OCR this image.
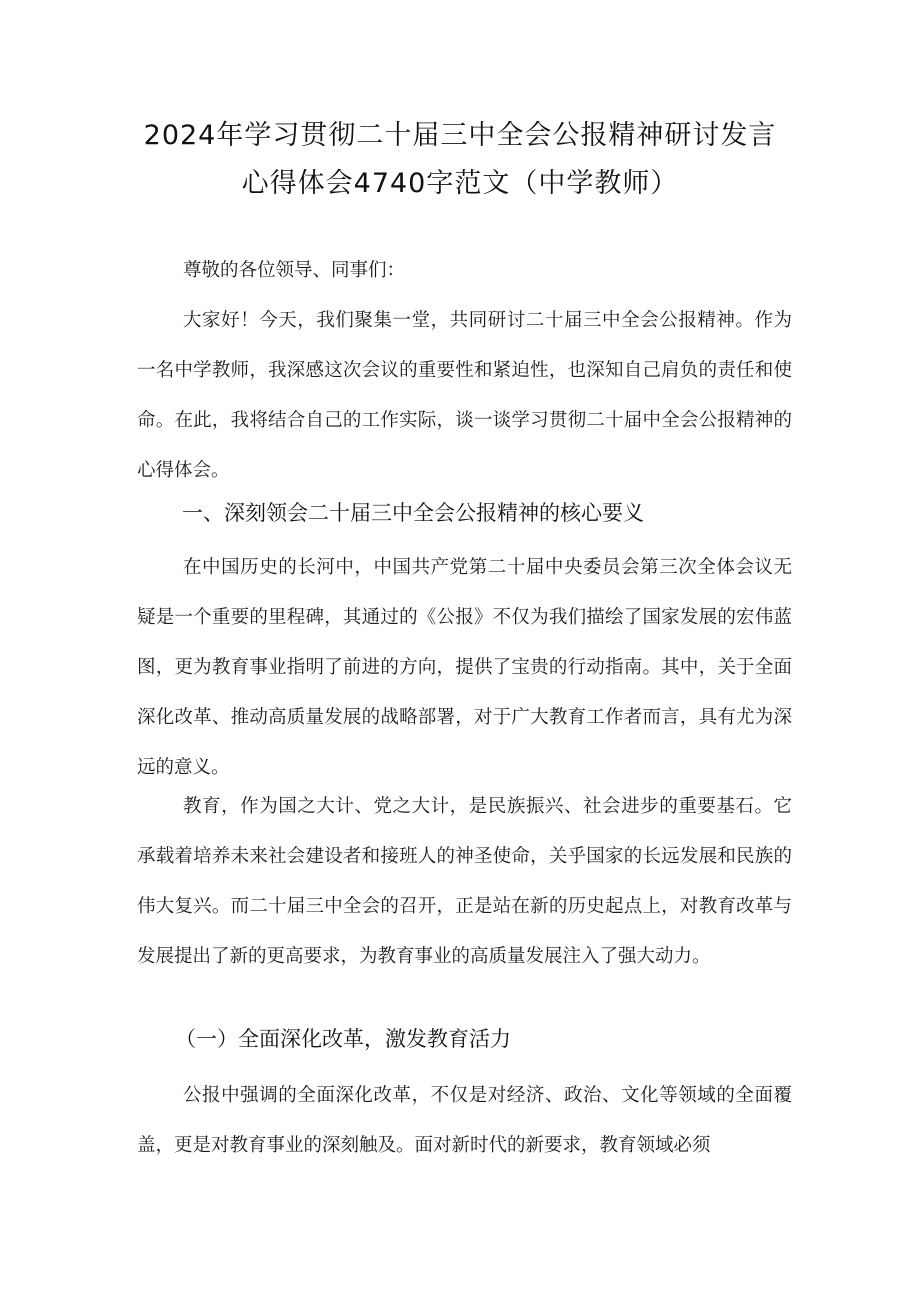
2024年学习贯彻二十届三中全会公报精神研讨发言
心得体会4740字范文（中学教师）
尊敬的各位领导、同事们：
大家好！今天，我们聚集一堂，共同研讨二十届三中全会公报精神。作为一名中学教师，我深感这次会议的重要性和紧迫性，也深知自己肩负的责任和使命。在此，我将结合自己的工作实际，谈一谈学习贯彻二十届中全会公报精神的心得体会。
一、深刻领会二十届三中全会公报精神的核心要义
在中国历史的长河中，中国共产党第二十届中央委员会第三次全体会议无疑是一个重要的里程碑，其通过的《公报》不仅为我们描绘了国家发展的宏伟蓝图，更为教育事业指明了前进的方向，提供了宝贵的行动指南。其中，关于全面深化改革、推动高质量发展的战略部署，对于广大教育工作者而言，具有尤为深远的意义。
教育，作为国之大计、党之大计，是民族振兴、社会进步的重要基石。它承载着培养未来社会建设者和接班人的神圣使命，关乎国家的长远发展和民族的伟大复兴。而二十届三中全会的召开，正是站在新的历史起点上，对教育改革与发展提出了新的更高要求，为教育事业的高质量发展注入了强大动力。
（一）全面深化改革，激发教育活力
公报中强调的全面深化改革，不仅是对经济、政治、文化等领域的全面覆盖，更是对教育事业的深刻触及。面对新时代的新要求，教育领域必须
